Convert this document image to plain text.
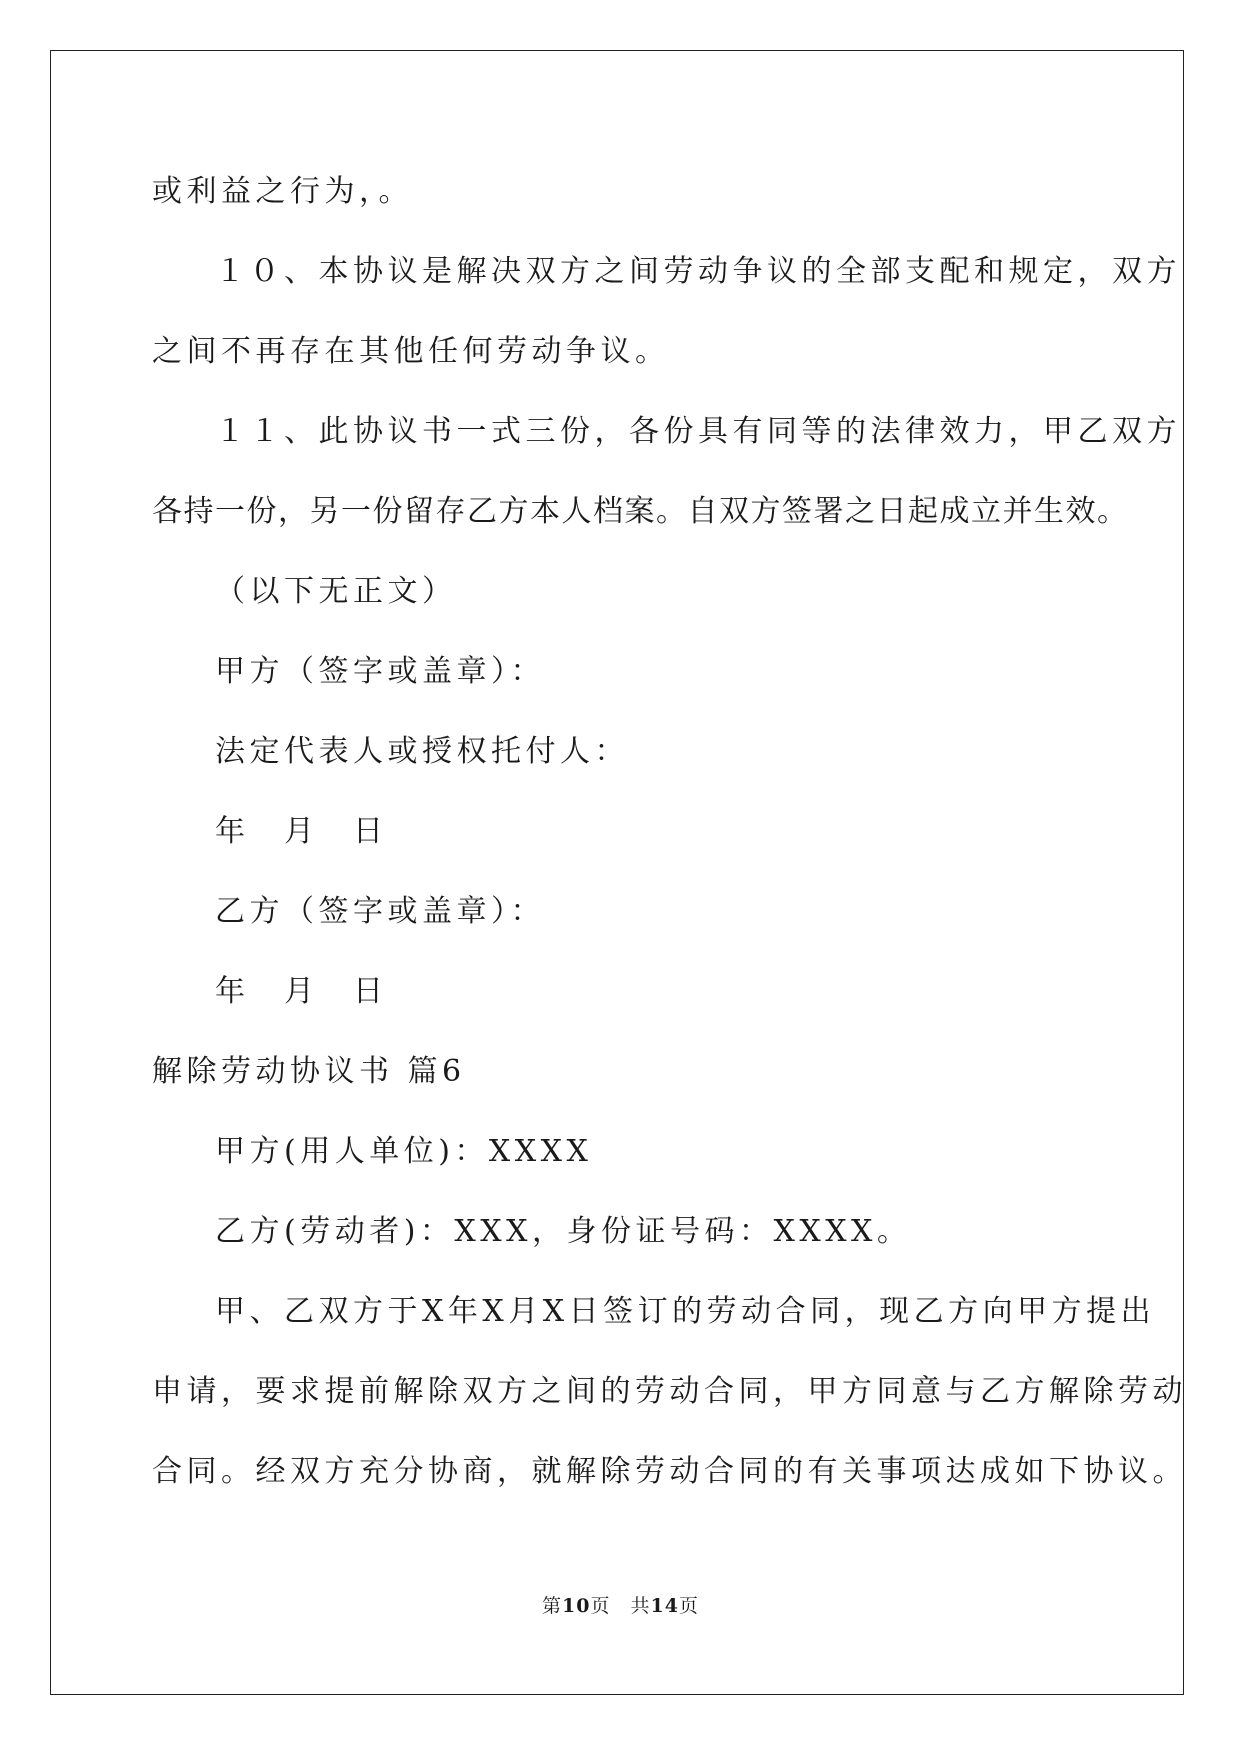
或利益之行为，。
１０、本协议是解决双方之间劳动争议的全部支配和规定，双方
之间不再存在其他任何劳动争议。
１１、此协议书一式三份，各份具有同等的法律效力，甲乙双方
各持一份，另一份留存乙方本人档案。自双方签署之日起成立并生效。
（以下无正文）
甲方（签字或盖章）：
法定代表人或授权托付人：
年　月　日
乙方（签字或盖章）：
年　月　日
解除劳动协议书 篇6
甲方(用人单位)：XXXX
乙方(劳动者)：XXX，身份证号码：XXXX。
甲、乙双方于X年X月X日签订的劳动合同，现乙方向甲方提出
申请，要求提前解除双方之间的劳动合同，甲方同意与乙方解除劳动
合同。经双方充分协商，就解除劳动合同的有关事项达成如下协议。
第10页　共14页
